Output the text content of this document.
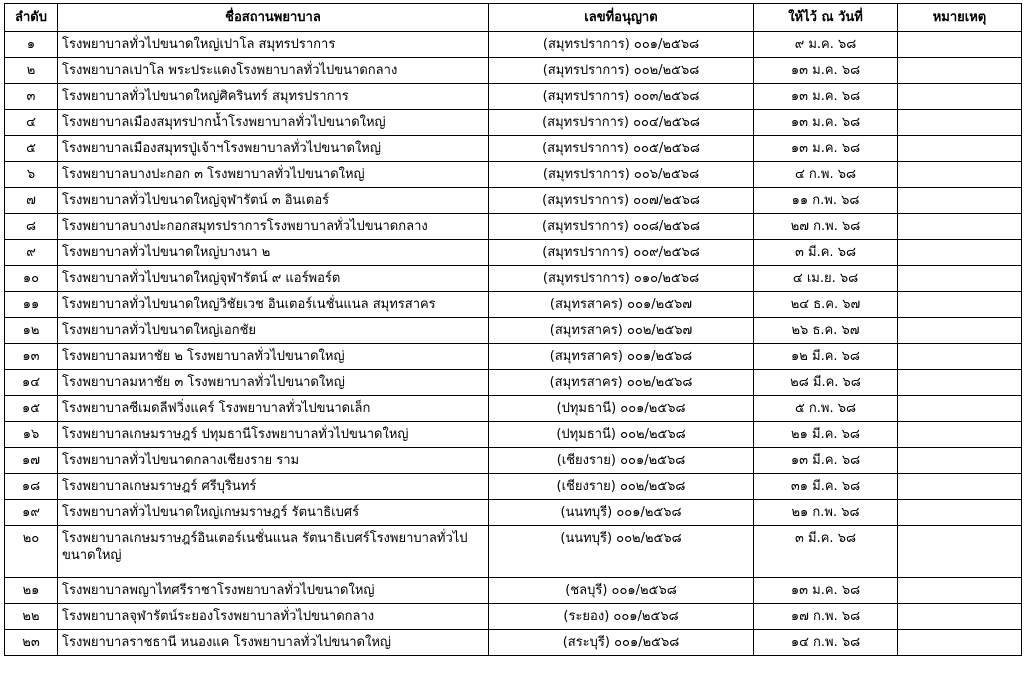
ลำดับ	ชื่อสถานพยาบาล	เลขที่อนุญาต	ให้ไว้ ณ วันที่	หมายเหตุ
๑	โรงพยาบาลทั่วไปขนาดใหญ่เปาโล สมุทรปราการ	(สมุทรปราการ) ๐๐๑/๒๕๖๘	๙ ม.ค. ๖๘	
๒	โรงพยาบาลเปาโล พระประแดงโรงพยาบาลทั่วไปขนาดกลาง	(สมุทรปราการ) ๐๐๒/๒๕๖๘	๑๓ ม.ค. ๖๘	
๓	โรงพยาบาลทั่วไปขนาดใหญ่ศิครินทร์ สมุทรปราการ	(สมุทรปราการ) ๐๐๓/๒๕๖๘	๑๓ ม.ค. ๖๘	
๔	โรงพยาบาลเมืองสมุทรปากน้ำโรงพยาบาลทั่วไปขนาดใหญ่	(สมุทรปราการ) ๐๐๔/๒๕๖๘	๑๓ ม.ค. ๖๘	
๕	โรงพยาบาลเมืองสมุทรปู่เจ้าฯโรงพยาบาลทั่วไปขนาดใหญ่	(สมุทรปราการ) ๐๐๕/๒๕๖๘	๑๓ ม.ค. ๖๘	
๖	โรงพยาบาลบางปะกอก ๓ โรงพยาบาลทั่วไปขนาดใหญ่	(สมุทรปราการ) ๐๐๖/๒๕๖๘	๔ ก.พ. ๖๘	
๗	โรงพยาบาลทั่วไปขนาดใหญ่จุฬารัตน์ ๓ อินเตอร์	(สมุทรปราการ) ๐๐๗/๒๕๖๘	๑๑ ก.พ. ๖๘	
๘	โรงพยาบาลบางปะกอกสมุทรปราการโรงพยาบาลทั่วไปขนาดกลาง	(สมุทรปราการ) ๐๐๘/๒๕๖๘	๒๗ ก.พ. ๖๘	
๙	โรงพยาบาลทั่วไปขนาดใหญ่บางนา ๒	(สมุทรปราการ) ๐๐๙/๒๕๖๘	๓ มี.ค. ๖๘	
๑๐	โรงพยาบาลทั่วไปขนาดใหญ่จุฬารัตน์ ๙ แอร์พอร์ต	(สมุทรปราการ) ๐๑๐/๒๕๖๘	๔ เม.ย. ๖๘	
๑๑	โรงพยาบาลทั่วไปขนาดใหญ่วิชัยเวช อินเตอร์เนชั่นแนล สมุทรสาคร	(สมุทรสาคร) ๐๐๑/๒๕๖๗	๒๔ ธ.ค. ๖๗	
๑๒	โรงพยาบาลทั่วไปขนาดใหญ่เอกชัย	(สมุทรสาคร) ๐๐๒/๒๕๖๗	๒๖ ธ.ค. ๖๗	
๑๓	โรงพยาบาลมหาชัย ๒ โรงพยาบาลทั่วไปขนาดใหญ่	(สมุทรสาคร) ๐๐๑/๒๕๖๘	๑๒ มี.ค. ๖๘	
๑๔	โรงพยาบาลมหาชัย ๓ โรงพยาบาลทั่วไปขนาดใหญ่	(สมุทรสาคร) ๐๐๒/๒๕๖๘	๒๘ มี.ค. ๖๘	
๑๕	โรงพยาบาลซีเมดลีฟวิ่งแคร์ โรงพยาบาลทั่วไปขนาดเล็ก	(ปทุมธานี) ๐๐๑/๒๕๖๘	๕ ก.พ. ๖๘	
๑๖	โรงพยาบาลเกษมราษฎร์ ปทุมธานีโรงพยาบาลทั่วไปขนาดใหญ่	(ปทุมธานี) ๐๐๒/๒๕๖๘	๒๑ มี.ค. ๖๘	
๑๗	โรงพยาบาลทั่วไปขนาดกลางเชียงราย ราม	(เชียงราย) ๐๐๑/๒๕๖๘	๑๓ มี.ค. ๖๘	
๑๘	โรงพยาบาลเกษมราษฎร์ ศรีบุรินทร์	(เชียงราย) ๐๐๒/๒๕๖๘	๓๑ มี.ค. ๖๘	
๑๙	โรงพยาบาลทั่วไปขนาดใหญ่เกษมราษฎร์ รัตนาธิเบศร์	(นนทบุรี) ๐๐๑/๒๕๖๘	๒๑ ก.พ. ๖๘	
๒๐	โรงพยาบาลเกษมราษฎร์อินเตอร์เนชั่นแนล รัตนาธิเบศร์โรงพยาบาลทั่วไปขนาดใหญ่	(นนทบุรี) ๐๐๒/๒๕๖๘	๓ มี.ค. ๖๘	
๒๑	โรงพยาบาลพญาไทศรีราชาโรงพยาบาลทั่วไปขนาดใหญ่	(ชลบุรี) ๐๐๑/๒๕๖๘	๑๓ ม.ค. ๖๘	
๒๒	โรงพยาบาลจุฬารัตน์ระยองโรงพยาบาลทั่วไปขนาดกลาง	(ระยอง) ๐๐๑/๒๕๖๘	๑๗ ก.พ. ๖๘	
๒๓	โรงพยาบาลราชธานี หนองแค โรงพยาบาลทั่วไปขนาดใหญ่	(สระบุรี) ๐๐๑/๒๕๖๘	๑๔ ก.พ. ๖๘	
